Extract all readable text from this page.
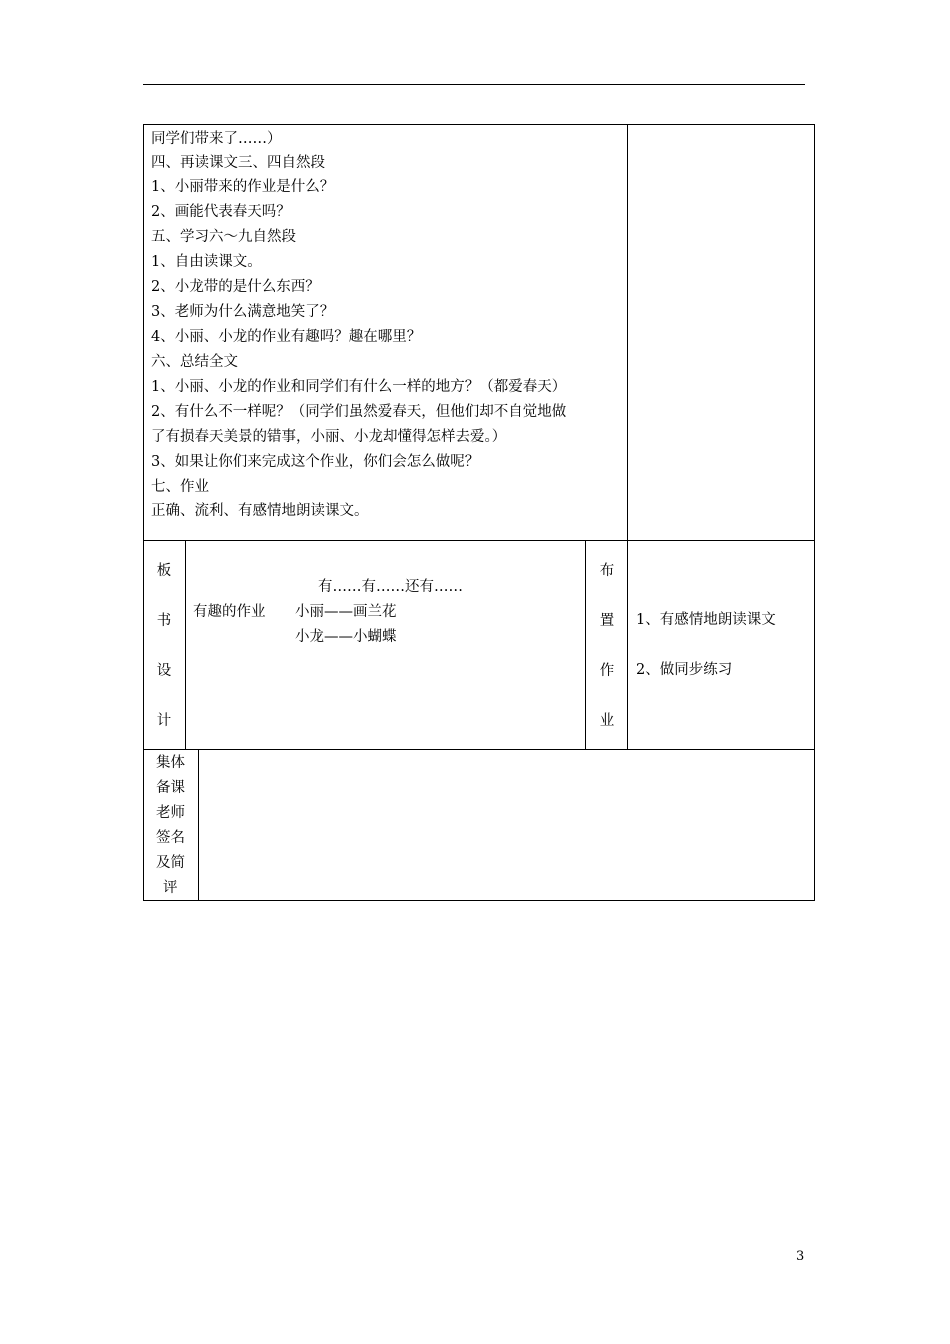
同学们带来了……）
四、再读课文三、四自然段
1、小丽带来的作业是什么？
2、画能代表春天吗？
五、学习六～九自然段
1、自由读课文。
2、小龙带的是什么东西？
3、老师为什么满意地笑了？
4、小丽、小龙的作业有趣吗？趣在哪里？
六、总结全文
1、小丽、小龙的作业和同学们有什么一样的地方？（都爱春天）
2、有什么不一样呢？（同学们虽然爱春天，但他们却不自觉地做
了有损春天美景的错事，小丽、小龙却懂得怎样去爱。）
3、如果让你们来完成这个作业，你们会怎么做呢？
七、作业
正确、流利、有感情地朗读课文。
板
书
设
计
有……有……还有……
有趣的作业 小丽——画兰花
小龙——小蝴蝶
布
置
作
业
1、有感情地朗读课文
2、做同步练习
集体
备课
老师
签名
及简
评
3
